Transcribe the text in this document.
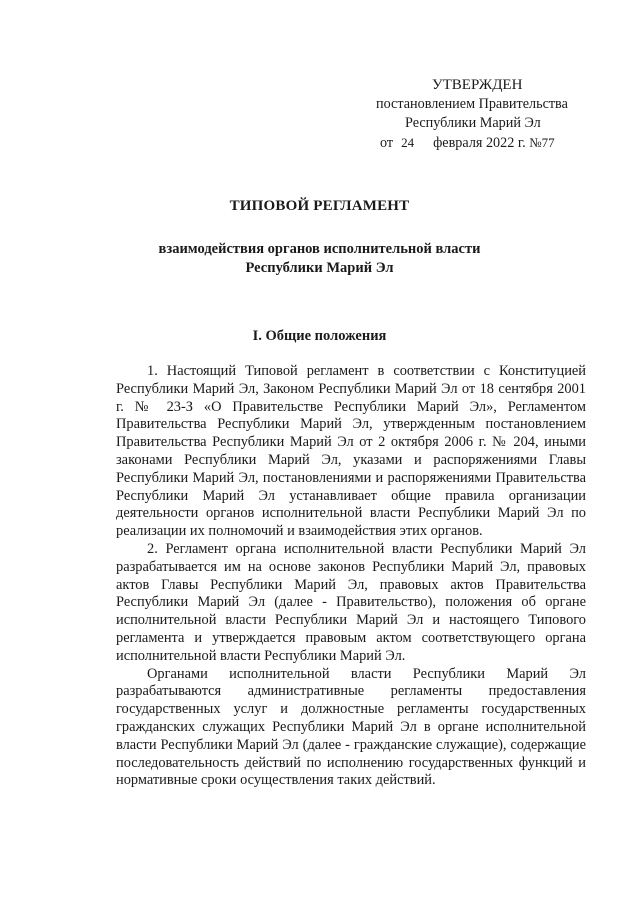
УТВЕРЖДЕН
постановлением Правительства
Республики Марий Эл
от 24 февраля 2022 г. №77
ТИПОВОЙ РЕГЛАМЕНТ
взаимодействия органов исполнительной власти
Республики Марий Эл
I. Общие положения

1. Настоящий Типовой регламент в соответствии с Конституцией Республики Марий Эл, Законом Республики Марий Эл от 18 сентября 2001 г. № 23-З «О Правительстве Республики Марий Эл», Регламентом Правительства Республики Марий Эл, утвержденным постановлением Правительства Республики Марий Эл от 2 октября 2006 г. № 204, иными законами Республики Марий Эл, указами и распоряжениями Главы Республики Марий Эл, постановлениями и распоряжениями Правительства Республики Марий Эл устанавливает общие правила организации деятельности органов исполнительной власти Республики Марий Эл по реализации их полномочий и взаимодействия этих органов.

2. Регламент органа исполнительной власти Республики Марий Эл разрабатывается им на основе законов Республики Марий Эл, правовых актов Главы Республики Марий Эл, правовых актов Правительства Республики Марий Эл (далее - Правительство), положения об органе исполнительной власти Республики Марий Эл и настоящего Типового регламента и утверждается правовым актом соответствующего органа исполнительной власти Республики Марий Эл.

Органами исполнительной власти Республики Марий Эл разрабатываются административные регламенты предоставления государственных услуг и должностные регламенты государственных гражданских служащих Республики Марий Эл в органе исполнительной власти Республики Марий Эл (далее - гражданские служащие), содержащие последовательность действий по исполнению государственных функций и нормативные сроки осуществления таких действий.
